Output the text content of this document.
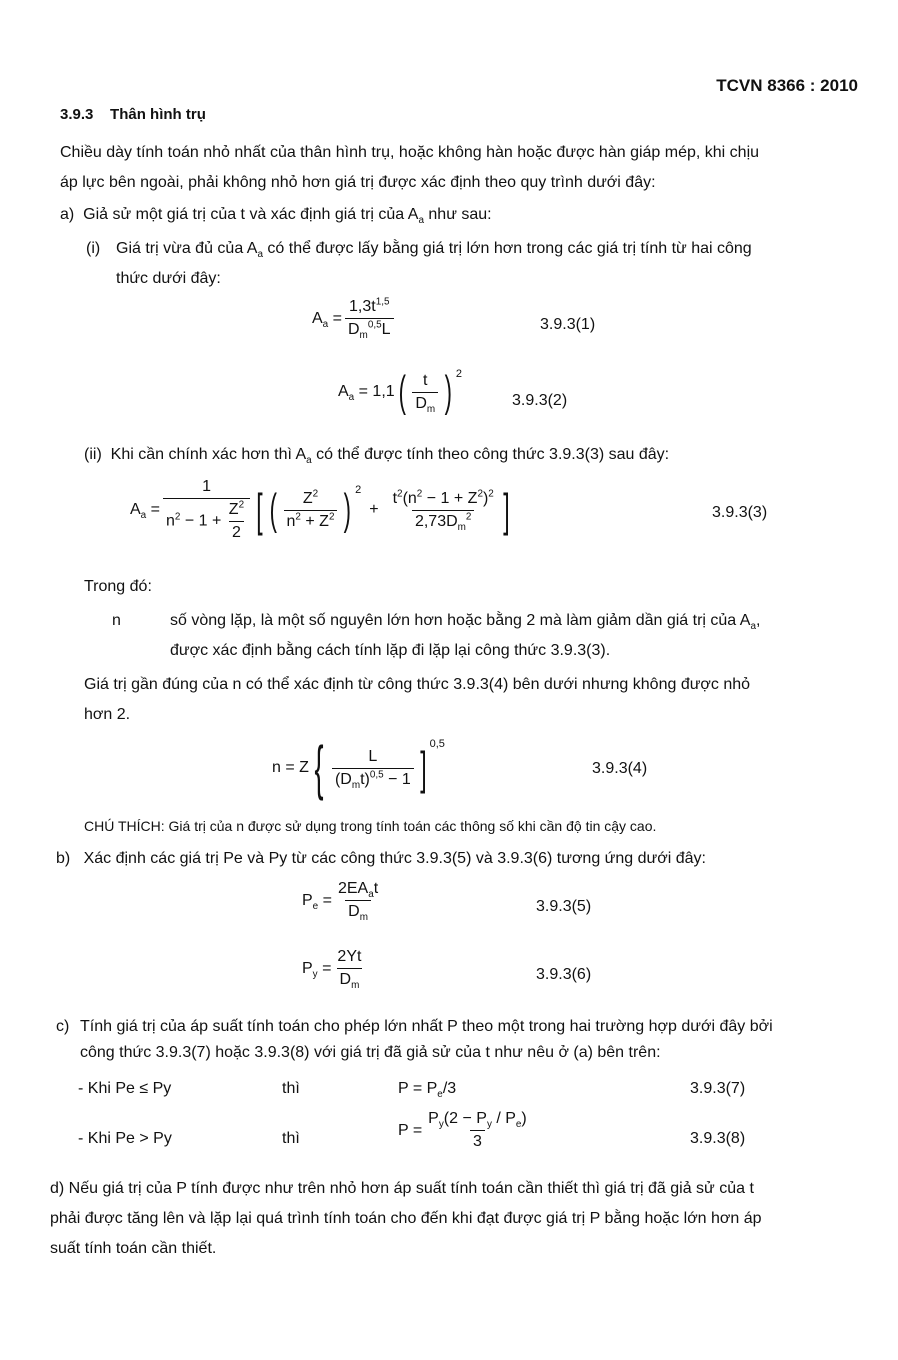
TCVN 8366 : 2010
3.9.3 Thân hình trụ
Chiều dày tính toán nhỏ nhất của thân hình trụ, hoặc không hàn hoặc được hàn giáp mép, khi chịu
áp lực bên ngoài, phải không nhỏ hơn giá trị được xác định theo quy trình dưới đây:
a) Giả sử một giá trị của t và xác định giá trị của $A_a$ như sau:
(i) Giá trị vừa đủ của $A_a$ có thể được lấy bằng giá trị lớn hơn trong các giá trị tính từ hai công
thức dưới đây:
$A_a = \frac{1,3t^{1,5}}{D_m^{0,5}L}$	3.9.3(1)
$A_a = 1,1$ ( $\frac{t}{D_m}$ ) 2
3.9.3(2)
(ii) Khi cần chính xác hơn thì $A_a$ có thể được tính theo công thức 3.9.3(3) sau đây:
$A_a = \frac{1}{n^2 - 1 + \frac{Z^2}{2}}$ [ ( $\frac{Z^2}{n^2 + Z^2}$ ) 2
+ $\frac{t^2(n^2 - 1 + Z^2)^2}{2,73D_m^2}$ ]	3.9.3(3)
Trong đó:
n	số vòng lặp, là một số nguyên lớn hơn hoặc bằng 2 mà làm giảm dần giá trị của $A_a$,
được xác định bằng cách tính lặp đi lặp lại công thức 3.9.3(3).
Giá trị gần đúng của n có thể xác định từ công thức 3.9.3(4) bên dưới nhưng không được nhỏ
hơn 2.
n = Z { $\frac{L}{(D_mt)^{0,5} - 1}$ ] 0,5
3.9.3(4)
CHÚ THÍCH: Giá trị của n được sử dụng trong tính toán các thông số khi cần độ tin cậy cao.
b) Xác định các giá trị Pe và Py từ các công thức 3.9.3(5) và 3.9.3(6) tương ứng dưới đây:
$P_e = \frac{2EA_at}{D_m}$	3.9.3(5)
$P_y = \frac{2Yt}{D_m}$	3.9.3(6)
c) Tính giá trị của áp suất tính toán cho phép lớn nhất P theo một trong hai trường hợp dưới đây bởi
công thức 3.9.3(7) hoặc 3.9.3(8) với giá trị đã giả sử của t như nêu ở (a) bên trên:
- Khi Pe ≤ Py	thì	$P = P_e/3$	3.9.3(7)
- Khi Pe > Py	thì	$P = \frac{P_y(2 - P_y / P_e)}{3}$	3.9.3(8)
d) Nếu giá trị của P tính được như trên nhỏ hơn áp suất tính toán cần thiết thì giá trị đã giả sử của t
phải được tăng lên và lặp lại quá trình tính toán cho đến khi đạt được giá trị P bằng hoặc lớn hơn áp
suất tính toán cần thiết.
